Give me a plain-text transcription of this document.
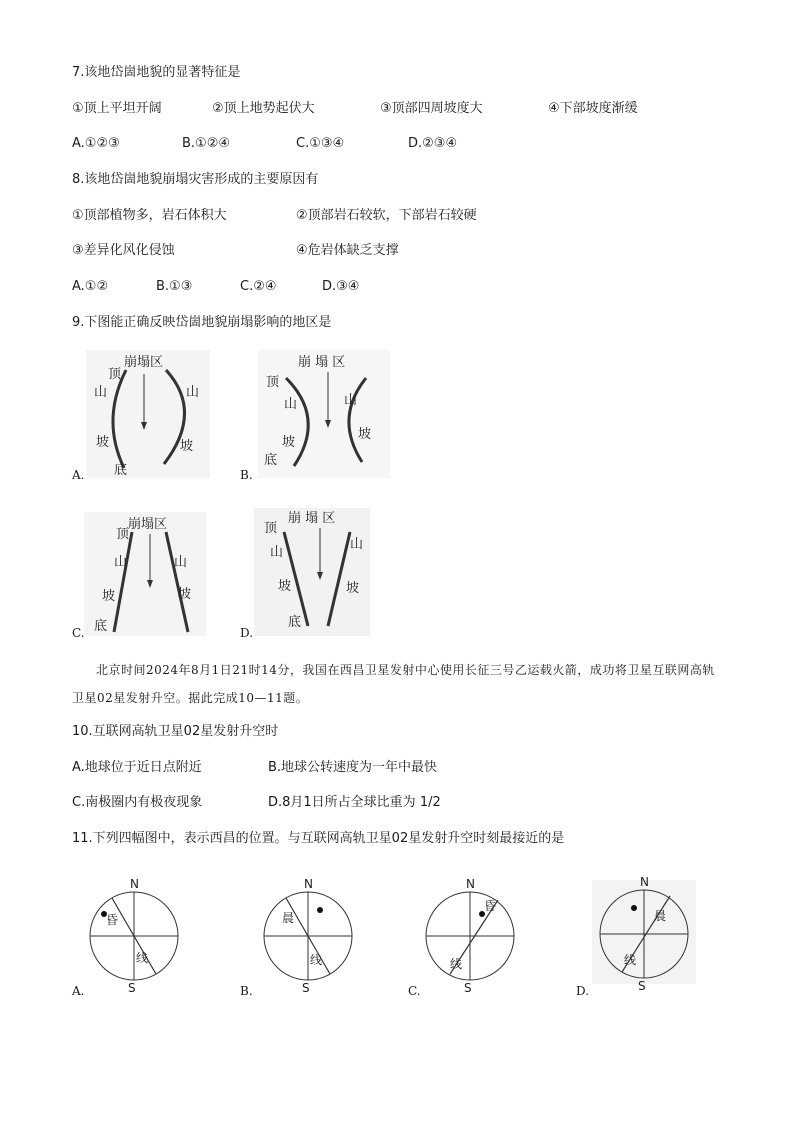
7.该地岱崮地貌的显著特征是
①顶上平坦开阔	②顶上地势起伏大	③顶部四周坡度大	④下部坡度渐缓
A.①②③	B.①②④	C.①③④	D.②③④
8.该地岱崮地貌崩塌灾害形成的主要原因有
①顶部植物多，岩石体积大	②顶部岩石较软，下部岩石较硬
③差异化风化侵蚀	④危岩体缺乏支撑
A.①②	B.①③	C.②④	D.③④
9.下图能正确反映岱崮地貌崩塌影响的地区是
崩塌区
顶
山
坡
底
山
坡
A.
崩 塌 区
顶
山
坡
底
山
坡
B.
崩塌区
顶
山
坡
底
山
坡
C.
崩 塌 区
顶
山
坡
底
山
坡
D.
北京时间2024年8月1日21时14分，我国在西昌卫星发射中心使用长征三号乙运载火箭，成功将卫星互联网高轨卫星02星发射升空。据此完成10—11题。
10.互联网高轨卫星02星发射升空时
A.地球位于近日点附近	B.地球公转速度为一年中最快
C.南极圈内有极夜现象	D.8月1日所占全球比重为 1/2
11.下列四幅图中，表示西昌的位置。与互联网高轨卫星02星发射升空时刻最接近的是
N
昏
线
S
A.
N
晨
线
S
B.
N
昏
线
S
C.
N
晨
线
S
D.
